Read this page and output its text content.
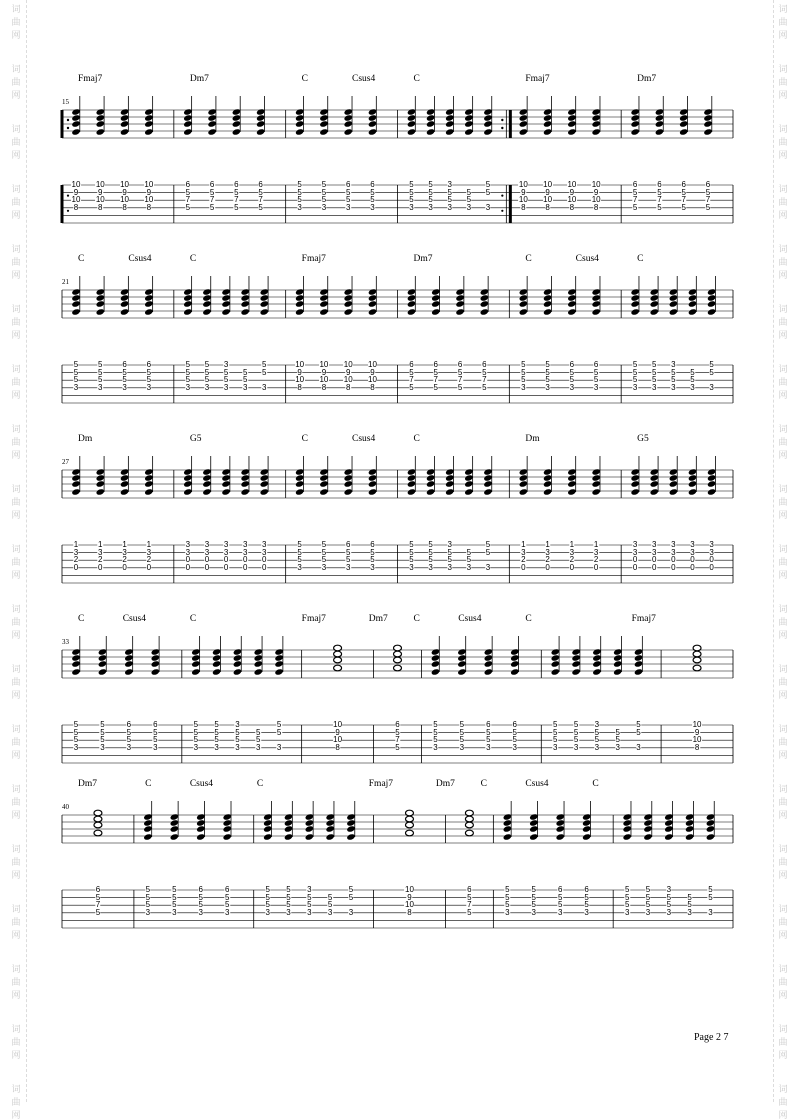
词
曲
网
词
曲
网
词
曲
网
词
曲
网
词
曲
网
词
曲
网
词
曲
网
词
曲
网
词
曲
网
词
曲
网
词
曲
网
词
曲
网
词
曲
网
词
曲
网
词
曲
网
词
曲
网
词
曲
网
词
曲
网
词
曲
网
词
曲
网
词
曲
网
词
曲
网
词
曲
网
词
曲
网
词
曲
网
词
曲
网
词
曲
网
词
曲
网
词
曲
网
词
曲
网
词
曲
网
词
曲
网
词
曲
网
词
曲
网
词
曲
网
词
曲
网
词
曲
网
词
曲
网
15
Fmaj7	Dm7	C	Csus4	C	Fmaj7	Dm7
10
9
10
8
10
9
10
8
10
9
10
8
10
9
10
8
6
5
7
5
6
5
7
5
6
5
7
5
6
5
7
5
5
5
5
3
5
5
5
3
6
5
5
3
6
5
5
3
5
5
5
3
5
5
5
3
3
5
5
3
5
5
3
5
5
3
10
9
10
8
10
9
10
8
10
9
10
8
10
9
10
8
6
5
7
5
6
5
7
5
6
5
7
5
6
5
7
5
21
C	Csus4	C	Fmaj7	Dm7	C	Csus4	C
5
5
5
3
5
5
5
3
6
5
5
3
6
5
5
3
5
5
5
3
5
5
5
3
3
5
5
3
5
5
3
5
5
3
10
9
10
8
10
9
10
8
10
9
10
8
10
9
10
8
6
5
7
5
6
5
7
5
6
5
7
5
6
5
7
5
5
5
5
3
5
5
5
3
6
5
5
3
6
5
5
3
5
5
5
3
5
5
5
3
3
5
5
3
5
5
3
5
5
3
27
Dm	G5	C	Csus4	C	Dm	G5
1
3
2
0
1
3
2
0
1
3
2
0
1
3
2
0
3
3
0
0
3
3
0
0
3
3
0
0
3
3
0
0
3
3
0
0
5
5
5
3
5
5
5
3
6
5
5
3
6
5
5
3
5
5
5
3
5
5
5
3
3
5
5
3
5
5
3
5
5
3
1
3
2
0
1
3
2
0
1
3
2
0
1
3
2
0
3
3
0
0
3
3
0
0
3
3
0
0
3
3
0
0
3
3
0
0
33
C	Csus4	C	Fmaj7	Dm7	C	Csus4	C	Fmaj7
5
5
5
3
5
5
5
3
6
5
5
3
6
5
5
3
5
5
5
3
5
5
5
3
3
5
5
3
5
5
3
5
5
3
10
9
10
8
6
5
7
5
5
5
5
3
5
5
5
3
6
5
5
3
6
5
5
3
5
5
5
3
5
5
5
3
3
5
5
3
5
5
3
5
5
3
10
9
10
8
40
Dm7	C	Csus4	C	Fmaj7	Dm7	C	Csus4	C
6
5
7
5
5
5
5
3
5
5
5
3
6
5
5
3
6
5
5
3
5
5
5
3
5
5
5
3
3
5
5
3
5
5
3
5
5
3
10
9
10
8
6
5
7
5
5
5
5
3
5
5
5
3
6
5
5
3
6
5
5
3
5
5
5
3
5
5
5
3
3
5
5
3
5
5
3
5
5
3
Page 2 7
